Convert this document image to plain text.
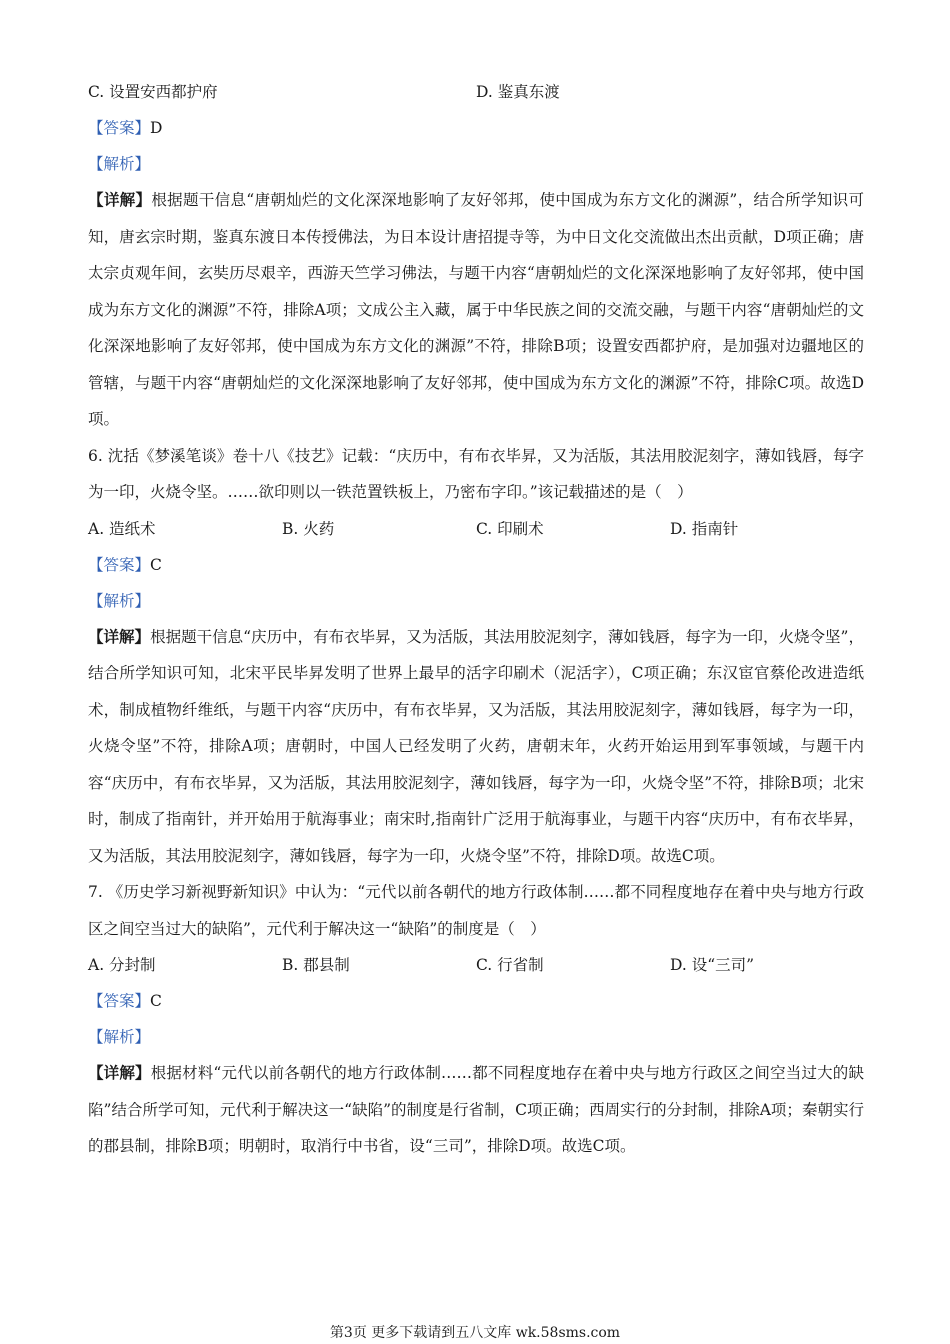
C. 设置安西都护府	D. 鉴真东渡
【答案】D
【解析】
【详解】根据题干信息“唐朝灿烂的文化深深地影响了友好邻邦，使中国成为东方文化的渊源”，结合所学知识可知，唐玄宗时期，鉴真东渡日本传授佛法，为日本设计唐招提寺等，为中日文化交流做出杰出贡献，D项正确；唐太宗贞观年间，玄奘历尽艰辛，西游天竺学习佛法，与题干内容“唐朝灿烂的文化深深地影响了友好邻邦，使中国成为东方文化的渊源”不符，排除A项；文成公主入藏，属于中华民族之间的交流交融，与题干内容“唐朝灿烂的文化深深地影响了友好邻邦，使中国成为东方文化的渊源”不符，排除B项；设置安西都护府，是加强对边疆地区的管辖，与题干内容“唐朝灿烂的文化深深地影响了友好邻邦，使中国成为东方文化的渊源”不符，排除C项。故选D项。
6. 沈括《梦溪笔谈》卷十八《技艺》记载：“庆历中，有布衣毕昇，又为活版，其法用胶泥刻字，薄如钱唇，每字为一印，火烧令坚。……欲印则以一铁范置铁板上，乃密布字印。”该记载描述的是（　）
A. 造纸术	B. 火药	C. 印刷术	D. 指南针
【答案】C
【解析】
【详解】根据题干信息“庆历中，有布衣毕昇，又为活版，其法用胶泥刻字，薄如钱唇，每字为一印，火烧令坚”，结合所学知识可知，北宋平民毕昇发明了世界上最早的活字印刷术（泥活字），C项正确；东汉宦官蔡伦改进造纸术，制成植物纤维纸，与题干内容“庆历中，有布衣毕昇，又为活版，其法用胶泥刻字，薄如钱唇，每字为一印，火烧令坚”不符，排除A项；唐朝时，中国人已经发明了火药，唐朝末年，火药开始运用到军事领域，与题干内容“庆历中，有布衣毕昇，又为活版，其法用胶泥刻字，薄如钱唇，每字为一印，火烧令坚”不符，排除B项；北宋时，制成了指南针，并开始用于航海事业；南宋时,指南针广泛用于航海事业，与题干内容“庆历中，有布衣毕昇，又为活版，其法用胶泥刻字，薄如钱唇，每字为一印，火烧令坚”不符，排除D项。故选C项。
7. 《历史学习新视野新知识》中认为：“元代以前各朝代的地方行政体制……都不同程度地存在着中央与地方行政区之间空当过大的缺陷”，元代利于解决这一“缺陷”的制度是（　）
A. 分封制	B. 郡县制	C. 行省制	D. 设“三司”
【答案】C
【解析】
【详解】根据材料“元代以前各朝代的地方行政体制……都不同程度地存在着中央与地方行政区之间空当过大的缺陷”结合所学可知，元代利于解决这一“缺陷”的制度是行省制，C项正确；西周实行的分封制，排除A项；秦朝实行的郡县制，排除B项；明朝时，取消行中书省，设“三司”，排除D项。故选C项。
第3页 更多下载请到五八文库 wk.58sms.com
